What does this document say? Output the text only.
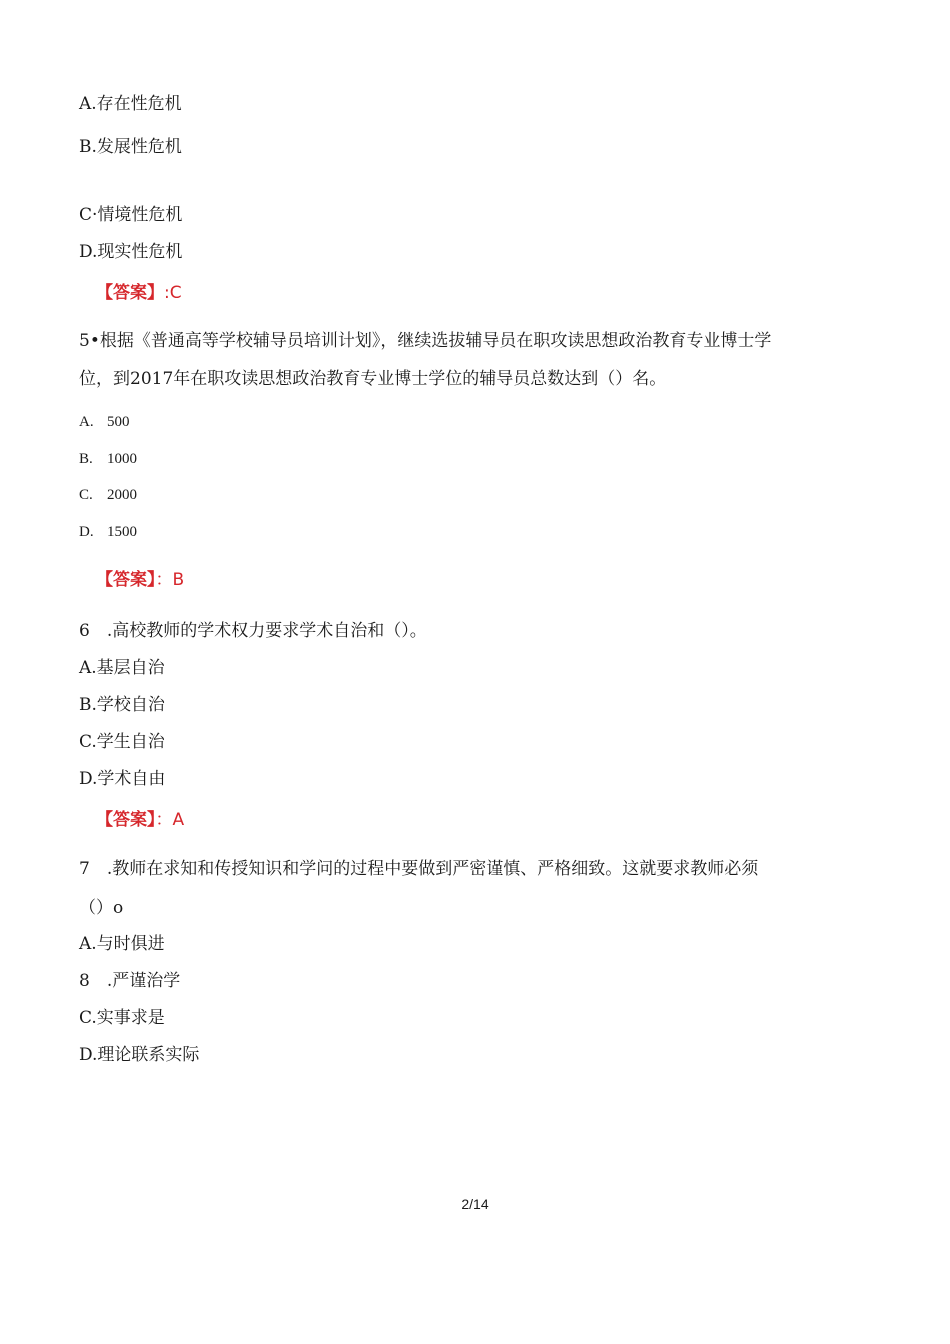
A.存在性危机
B.发展性危机
C·情境性危机
D.现实性危机
【答案】:C
5•根据《普通高等学校辅导员培训计划》，继续选拔辅导员在职攻读思想政治教育专业博士学
位，到2017年在职攻读思想政治教育专业博士学位的辅导员总数达到（）名。
A. 500
B. 1000
C. 2000
D. 1500
【答案】：B
6　.高校教师的学术权力要求学术自治和（）。
A.基层自治
B.学校自治
C.学生自治
D.学术自由
【答案】：A
7　.教师在求知和传授知识和学问的过程中要做到严密谨慎、严格细致。这就要求教师必须
（）o
A.与时俱进
8　.严谨治学
C.实事求是
D.理论联系实际
2/14
